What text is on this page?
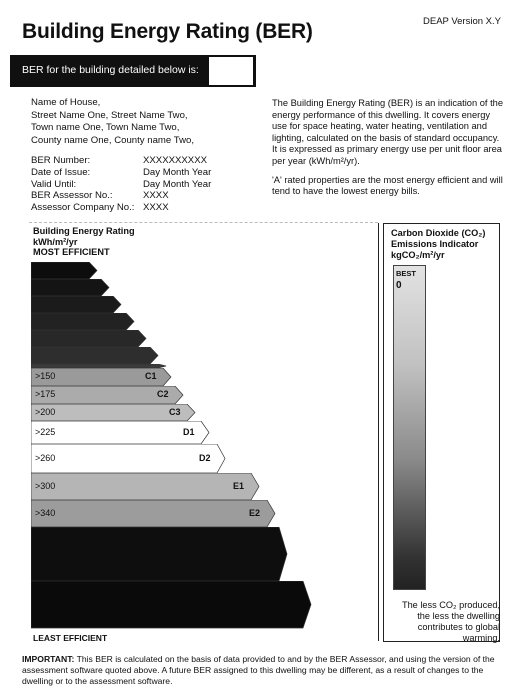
Building Energy Rating (BER)	DEAP Version X.Y
BER for the building detailed below is:
Name of House,
Street Name One, Street Name Two,
Town name One, Town Name Two,
County name One, County name Two,
BER Number:	XXXXXXXXXX
Date of Issue:	Day Month Year
Valid Until:	Day Month Year
BER Assessor No.:	XXXX
Assessor Company No.: XXXX

The Building Energy Rating (BER) is an indication of the energy performance of this dwelling. It covers energy use for space heating, water heating, ventilation and lighting, calculated on the basis of standard occupancy. It is expressed as primary energy use per unit floor area per year (kWh/m²/yr).

'A' rated properties are the most energy efficient and will tend to have the lowest energy bills.

Building Energy Rating
kWh/m²/yr
MOST EFFICIENT
>150	C1
>175	C2
>200	C3
>225	D1
>260	D2
>300	E1
>340	E2
LEAST EFFICIENT
Carbon Dioxide (CO₂)
Emissions Indicator
kgCO₂/m²/yr
BEST
0
The less CO₂ produced, the less the dwelling contributes to global warming.
IMPORTANT: This BER is calculated on the basis of data provided to and by the BER Assessor, and using the version of the assessment software quoted above. A future BER assigned to this dwelling may be different, as a result of changes to the dwelling or to the assessment software.
